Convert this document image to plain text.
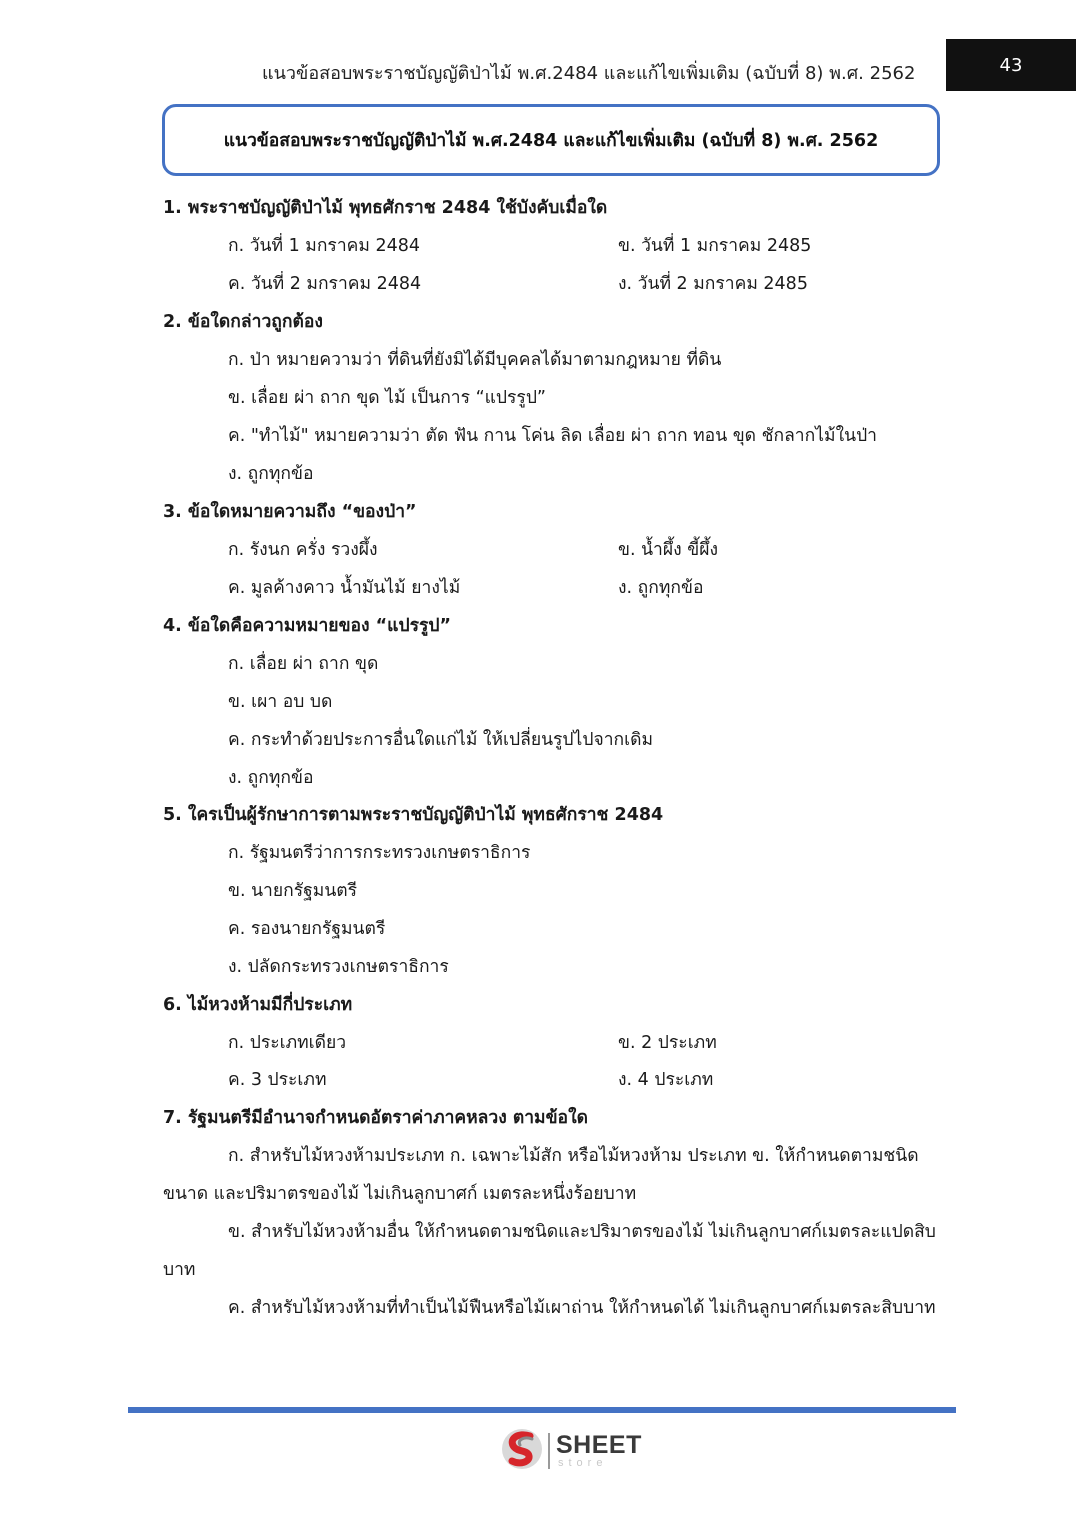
แนวข้อสอบพระราชบัญญัติป่าไม้ พ.ศ.2484 และแก้ไขเพิ่มเติม (ฉบับที่ 8) พ.ศ. 2562	43
แนวข้อสอบพระราชบัญญัติป่าไม้ พ.ศ.2484 และแก้ไขเพิ่มเติม (ฉบับที่ 8) พ.ศ. 2562
1. พระราชบัญญัติป่าไม้ พุทธศักราช 2484 ใช้บังคับเมื่อใด
ก. วันที่ 1 มกราคม 2484	ข. วันที่ 1 มกราคม 2485
ค. วันที่ 2 มกราคม 2484	ง. วันที่ 2 มกราคม 2485
2. ข้อใดกล่าวถูกต้อง
ก. ป่า หมายความว่า ที่ดินที่ยังมิได้มีบุคคลได้มาตามกฎหมาย ที่ดิน
ข. เลื่อย ผ่า ถาก ขุด ไม้ เป็นการ “แปรรูป”
ค. "ทำไม้" หมายความว่า ตัด ฟัน กาน โค่น ลิด เลื่อย ผ่า ถาก ทอน ขุด ชักลากไม้ในป่า
ง. ถูกทุกข้อ
3. ข้อใดหมายความถึง “ของป่า”
ก. รังนก ครั่ง รวงผึ้ง	ข. น้ำผึ้ง ขี้ผึ้ง
ค. มูลค้างคาว น้ำมันไม้ ยางไม้	ง. ถูกทุกข้อ
4. ข้อใดคือความหมายของ “แปรรูป”
ก. เลื่อย ผ่า ถาก ขุด
ข. เผา อบ บด
ค. กระทำด้วยประการอื่นใดแก่ไม้ ให้เปลี่ยนรูปไปจากเดิม
ง. ถูกทุกข้อ
5. ใครเป็นผู้รักษาการตามพระราชบัญญัติป่าไม้ พุทธศักราช 2484
ก. รัฐมนตรีว่าการกระทรวงเกษตราธิการ
ข. นายกรัฐมนตรี
ค. รองนายกรัฐมนตรี
ง. ปลัดกระทรวงเกษตราธิการ
6. ไม้หวงห้ามมีกี่ประเภท
ก. ประเภทเดียว	ข. 2 ประเภท
ค. 3 ประเภท	ง. 4 ประเภท
7. รัฐมนตรีมีอำนาจกำหนดอัตราค่าภาคหลวง ตามข้อใด
ก. สำหรับไม้หวงห้ามประเภท ก. เฉพาะไม้สัก หรือไม้หวงห้าม ประเภท ข. ให้กำหนดตามชนิด
ขนาด และปริมาตรของไม้ ไม่เกินลูกบาศก์ เมตรละหนึ่งร้อยบาท
ข. สำหรับไม้หวงห้ามอื่น ให้กำหนดตามชนิดและปริมาตรของไม้ ไม่เกินลูกบาศก์เมตรละแปดสิบ
บาท
ค. สำหรับไม้หวงห้ามที่ทำเป็นไม้ฟืนหรือไม้เผาถ่าน ให้กำหนดได้ ไม่เกินลูกบาศก์เมตรละสิบบาท
SHEET
store
